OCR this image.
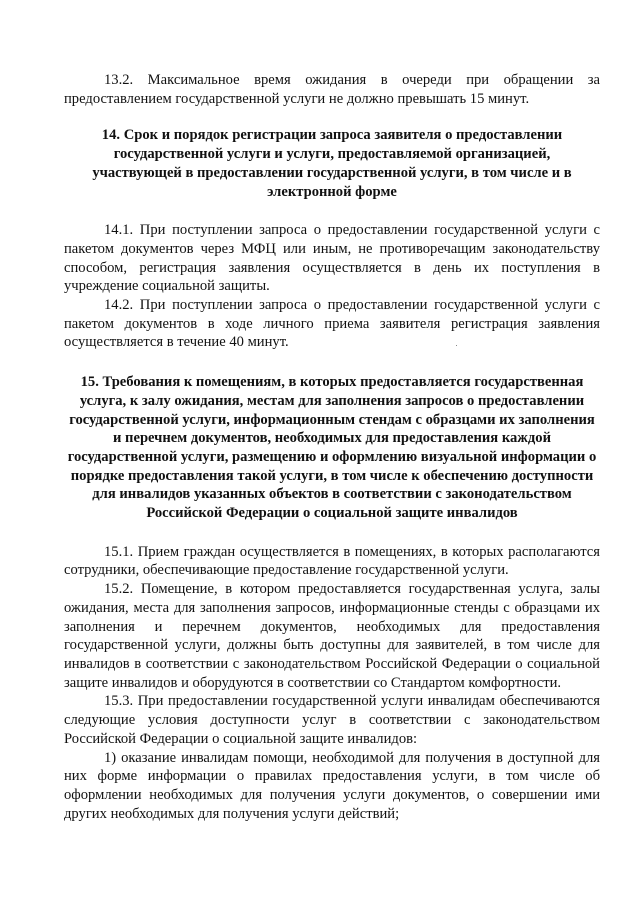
13.2. Максимальное время ожидания в очереди при обращении за предоставлением государственной услуги не должно превышать 15 минут.

14. Срок и порядок регистрации запроса заявителя о предоставлении государственной услуги и услуги, предоставляемой организацией, участвующей в предоставлении государственной услуги, в том числе и в электронной форме

14.1. При поступлении запроса о предоставлении государственной услуги с пакетом документов через МФЦ или иным, не противоречащим законодательству способом, регистрация заявления осуществляется в день их поступления в учреждение социальной защиты.

14.2. При поступлении запроса о предоставлении государственной услуги с пакетом документов в ходе личного приема заявителя регистрация заявления осуществляется в течение 40 минут.

15. Требования к помещениям, в которых предоставляется государственная услуга, к залу ожидания, местам для заполнения запросов о предоставлении государственной услуги, информационным стендам с образцами их заполнения и перечнем документов, необходимых для предоставления каждой государственной услуги, размещению и оформлению визуальной информации о порядке предоставления такой услуги, в том числе к обеспечению доступности для инвалидов указанных объектов в соответствии с законодательством Российской Федерации о социальной защите инвалидов

15.1. Прием граждан осуществляется в помещениях, в которых располагаются сотрудники, обеспечивающие предоставление государственной услуги.

15.2. Помещение, в котором предоставляется государственная услуга, залы ожидания, места для заполнения запросов, информационные стенды с образцами их заполнения и перечнем документов, необходимых для предоставления государственной услуги, должны быть доступны для заявителей, в том числе для инвалидов в соответствии с законодательством Российской Федерации о социальной защите инвалидов и оборудуются в соответствии со Стандартом комфортности.

15.3. При предоставлении государственной услуги инвалидам обеспечиваются следующие условия доступности услуг в соответствии с законодательством Российской Федерации о социальной защите инвалидов:

1) оказание инвалидам помощи, необходимой для получения в доступной для них форме информации о правилах предоставления услуги, в том числе об оформлении необходимых для получения услуги документов, о совершении ими других необходимых для получения услуги действий;
